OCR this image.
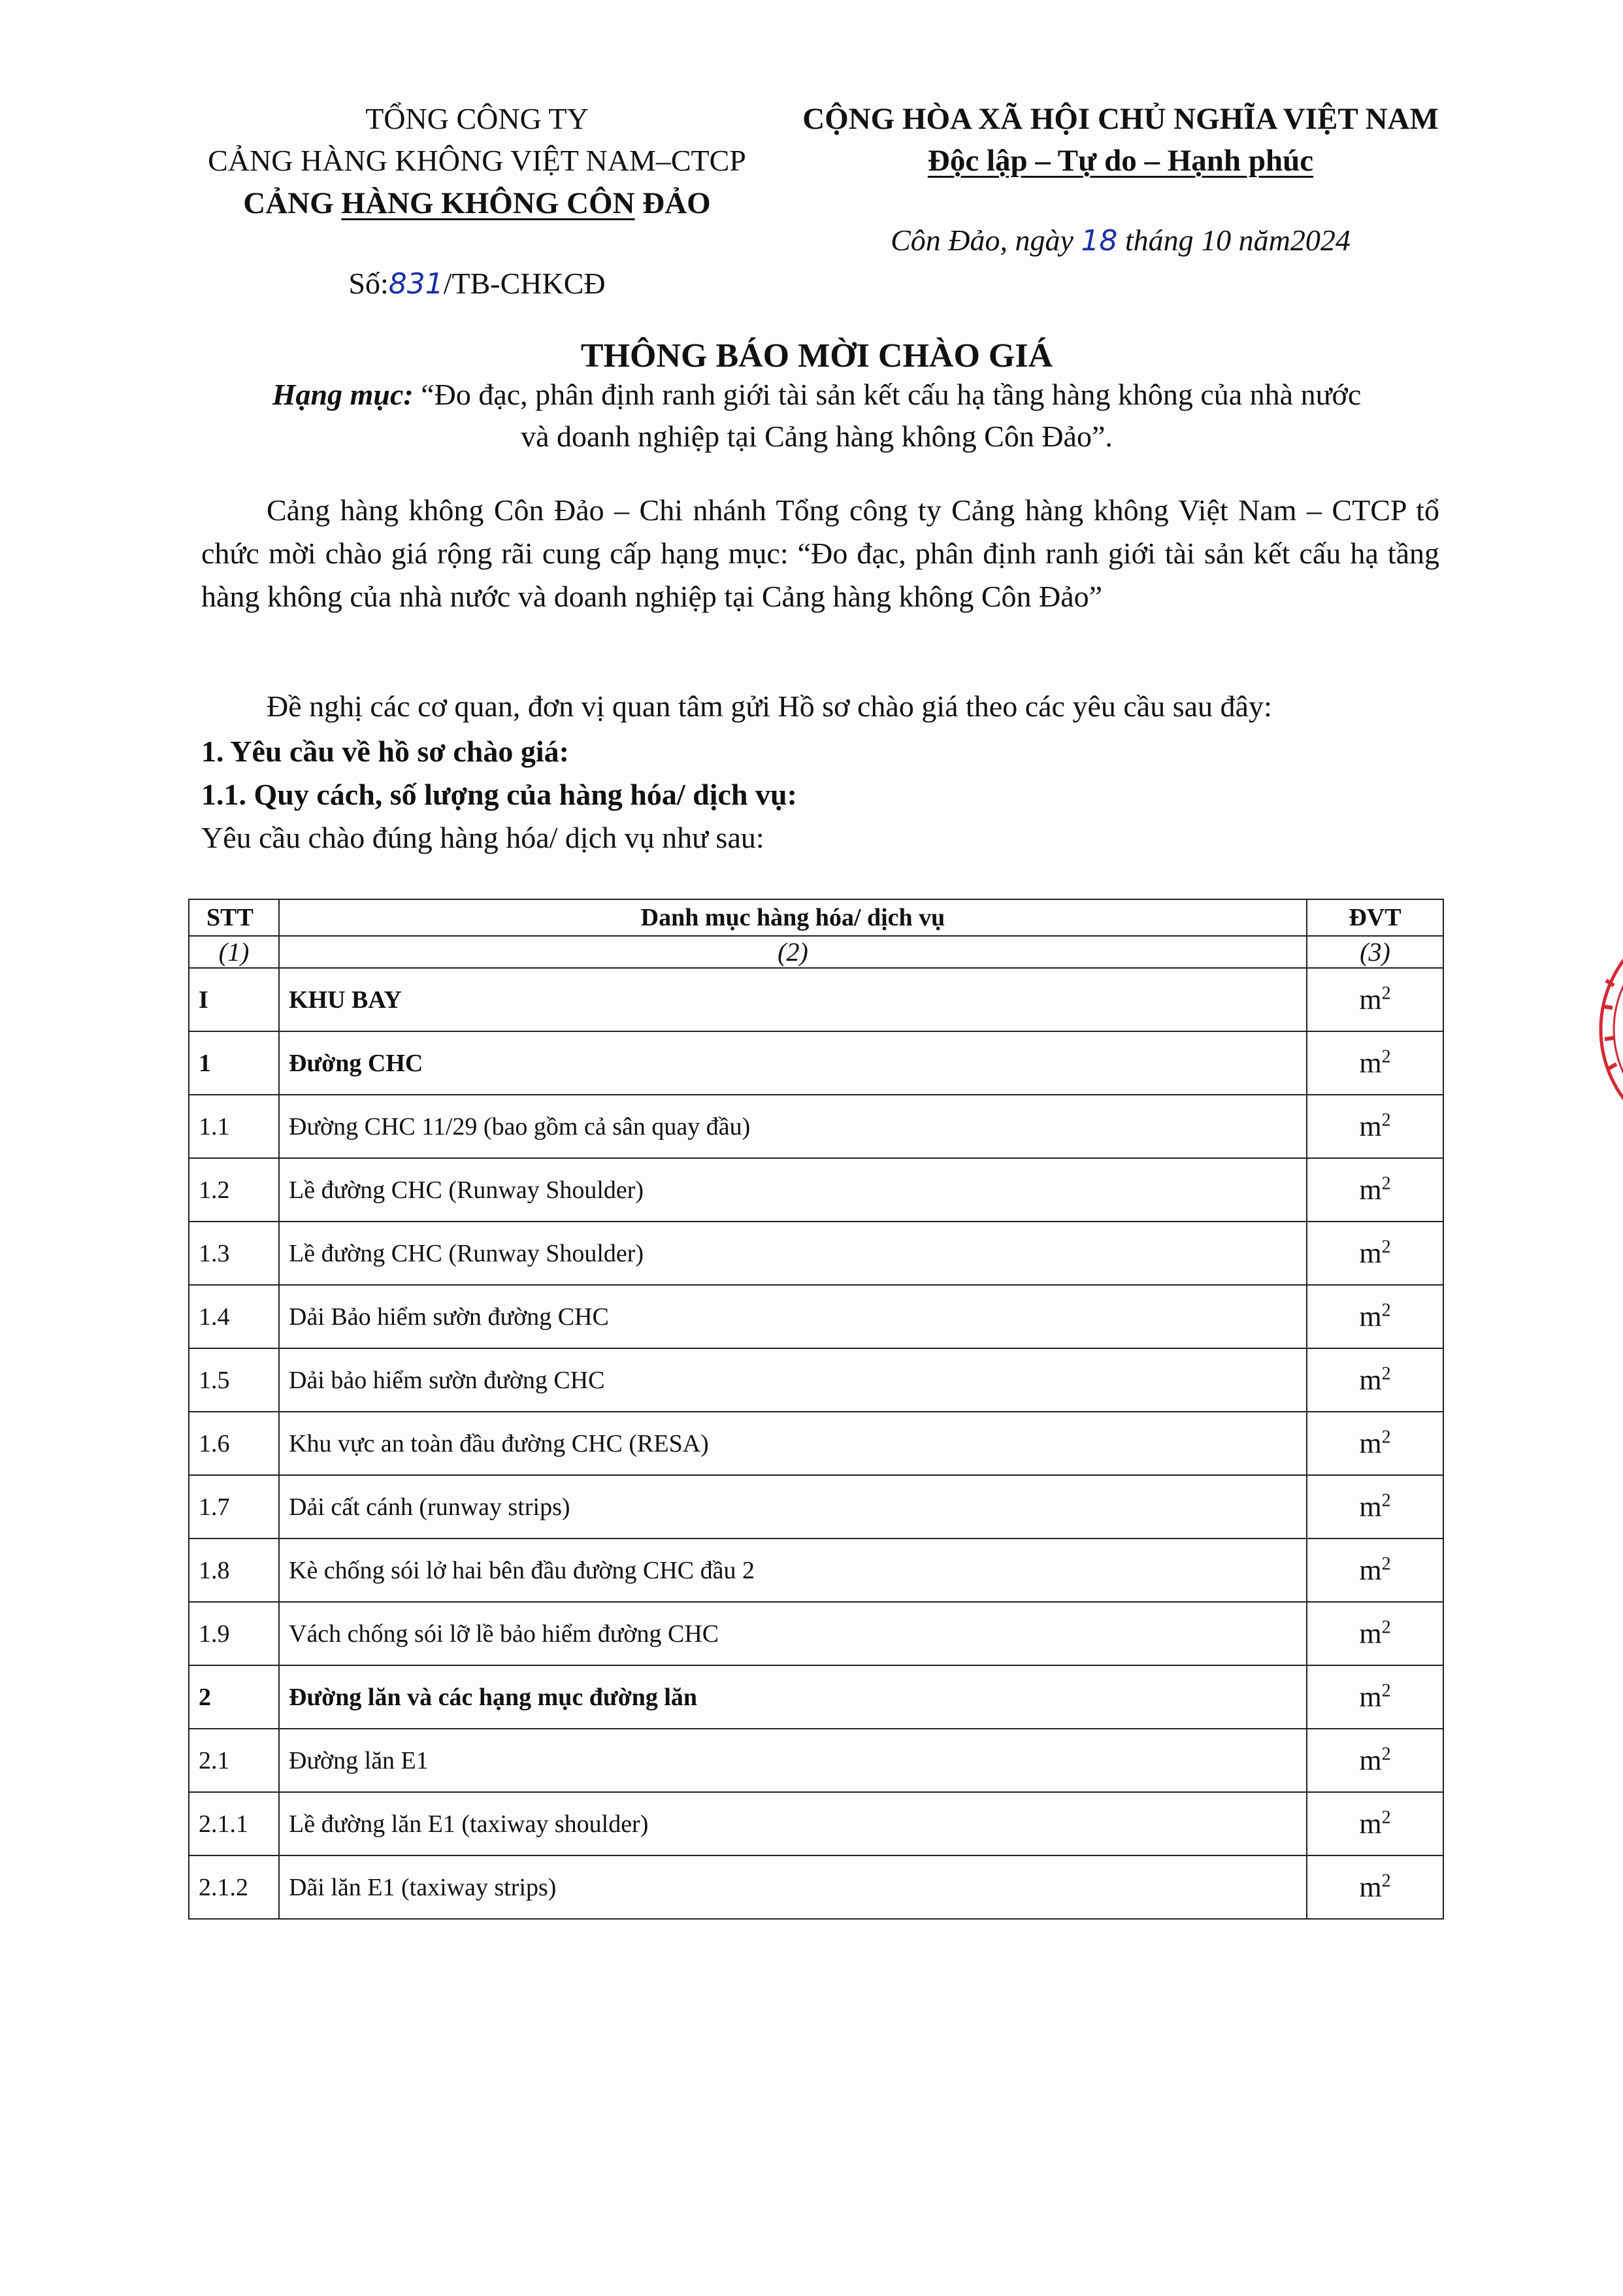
TỔNG CÔNG TY
CẢNG HÀNG KHÔNG VIỆT NAM–CTCP
CẢNG HÀNG KHÔNG CÔN ĐẢO
Số:831/TB-CHKCĐ
CỘNG HÒA XÃ HỘI CHỦ NGHĨA VIỆT NAM
Độc lập – Tự do – Hạnh phúc
Côn Đảo, ngày 18 tháng 10 năm2024
THÔNG BÁO MỜI CHÀO GIÁ
Hạng mục: “Đo đạc, phân định ranh giới tài sản kết cấu hạ tầng hàng không của nhà nước
và doanh nghiệp tại Cảng hàng không Côn Đảo”.
Cảng hàng không Côn Đảo – Chi nhánh Tổng công ty Cảng hàng không Việt Nam – CTCP tổ chức mời chào giá rộng rãi cung cấp hạng mục: “Đo đạc, phân định ranh giới tài sản kết cấu hạ tầng hàng không của nhà nước và doanh nghiệp tại Cảng hàng không Côn Đảo”
Đề nghị các cơ quan, đơn vị quan tâm gửi Hồ sơ chào giá theo các yêu cầu sau đây:
1. Yêu cầu về hồ sơ chào giá:
1.1. Quy cách, số lượng của hàng hóa/ dịch vụ:
Yêu cầu chào đúng hàng hóa/ dịch vụ như sau:
STT	Danh mục hàng hóa/ dịch vụ	ĐVT
(1)	(2)	(3)
I	KHU BAY	$m^2$
1	Đường CHC	$m^2$
1.1	Đường CHC 11/29 (bao gồm cả sân quay đầu)	$m^2$
1.2	Lề đường CHC (Runway Shoulder)	$m^2$
1.3	Lề đường CHC (Runway Shoulder)	$m^2$
1.4	Dải Bảo hiểm sườn đường CHC	$m^2$
1.5	Dải bảo hiểm sườn đường CHC	$m^2$
1.6	Khu vực an toàn đầu đường CHC (RESA)	$m^2$
1.7	Dải cất cánh (runway strips)	$m^2$
1.8	Kè chống sói lở hai bên đầu đường CHC đầu 2	$m^2$
1.9	Vách chống sói lỡ lề bảo hiểm đường CHC	$m^2$
2	Đường lăn và các hạng mục đường lăn	$m^2$
2.1	Đường lăn E1	$m^2$
2.1.1	Lề đường lăn E1 (taxiway shoulder)	$m^2$
2.1.2	Dãi lăn E1 (taxiway strips)	$m^2$
